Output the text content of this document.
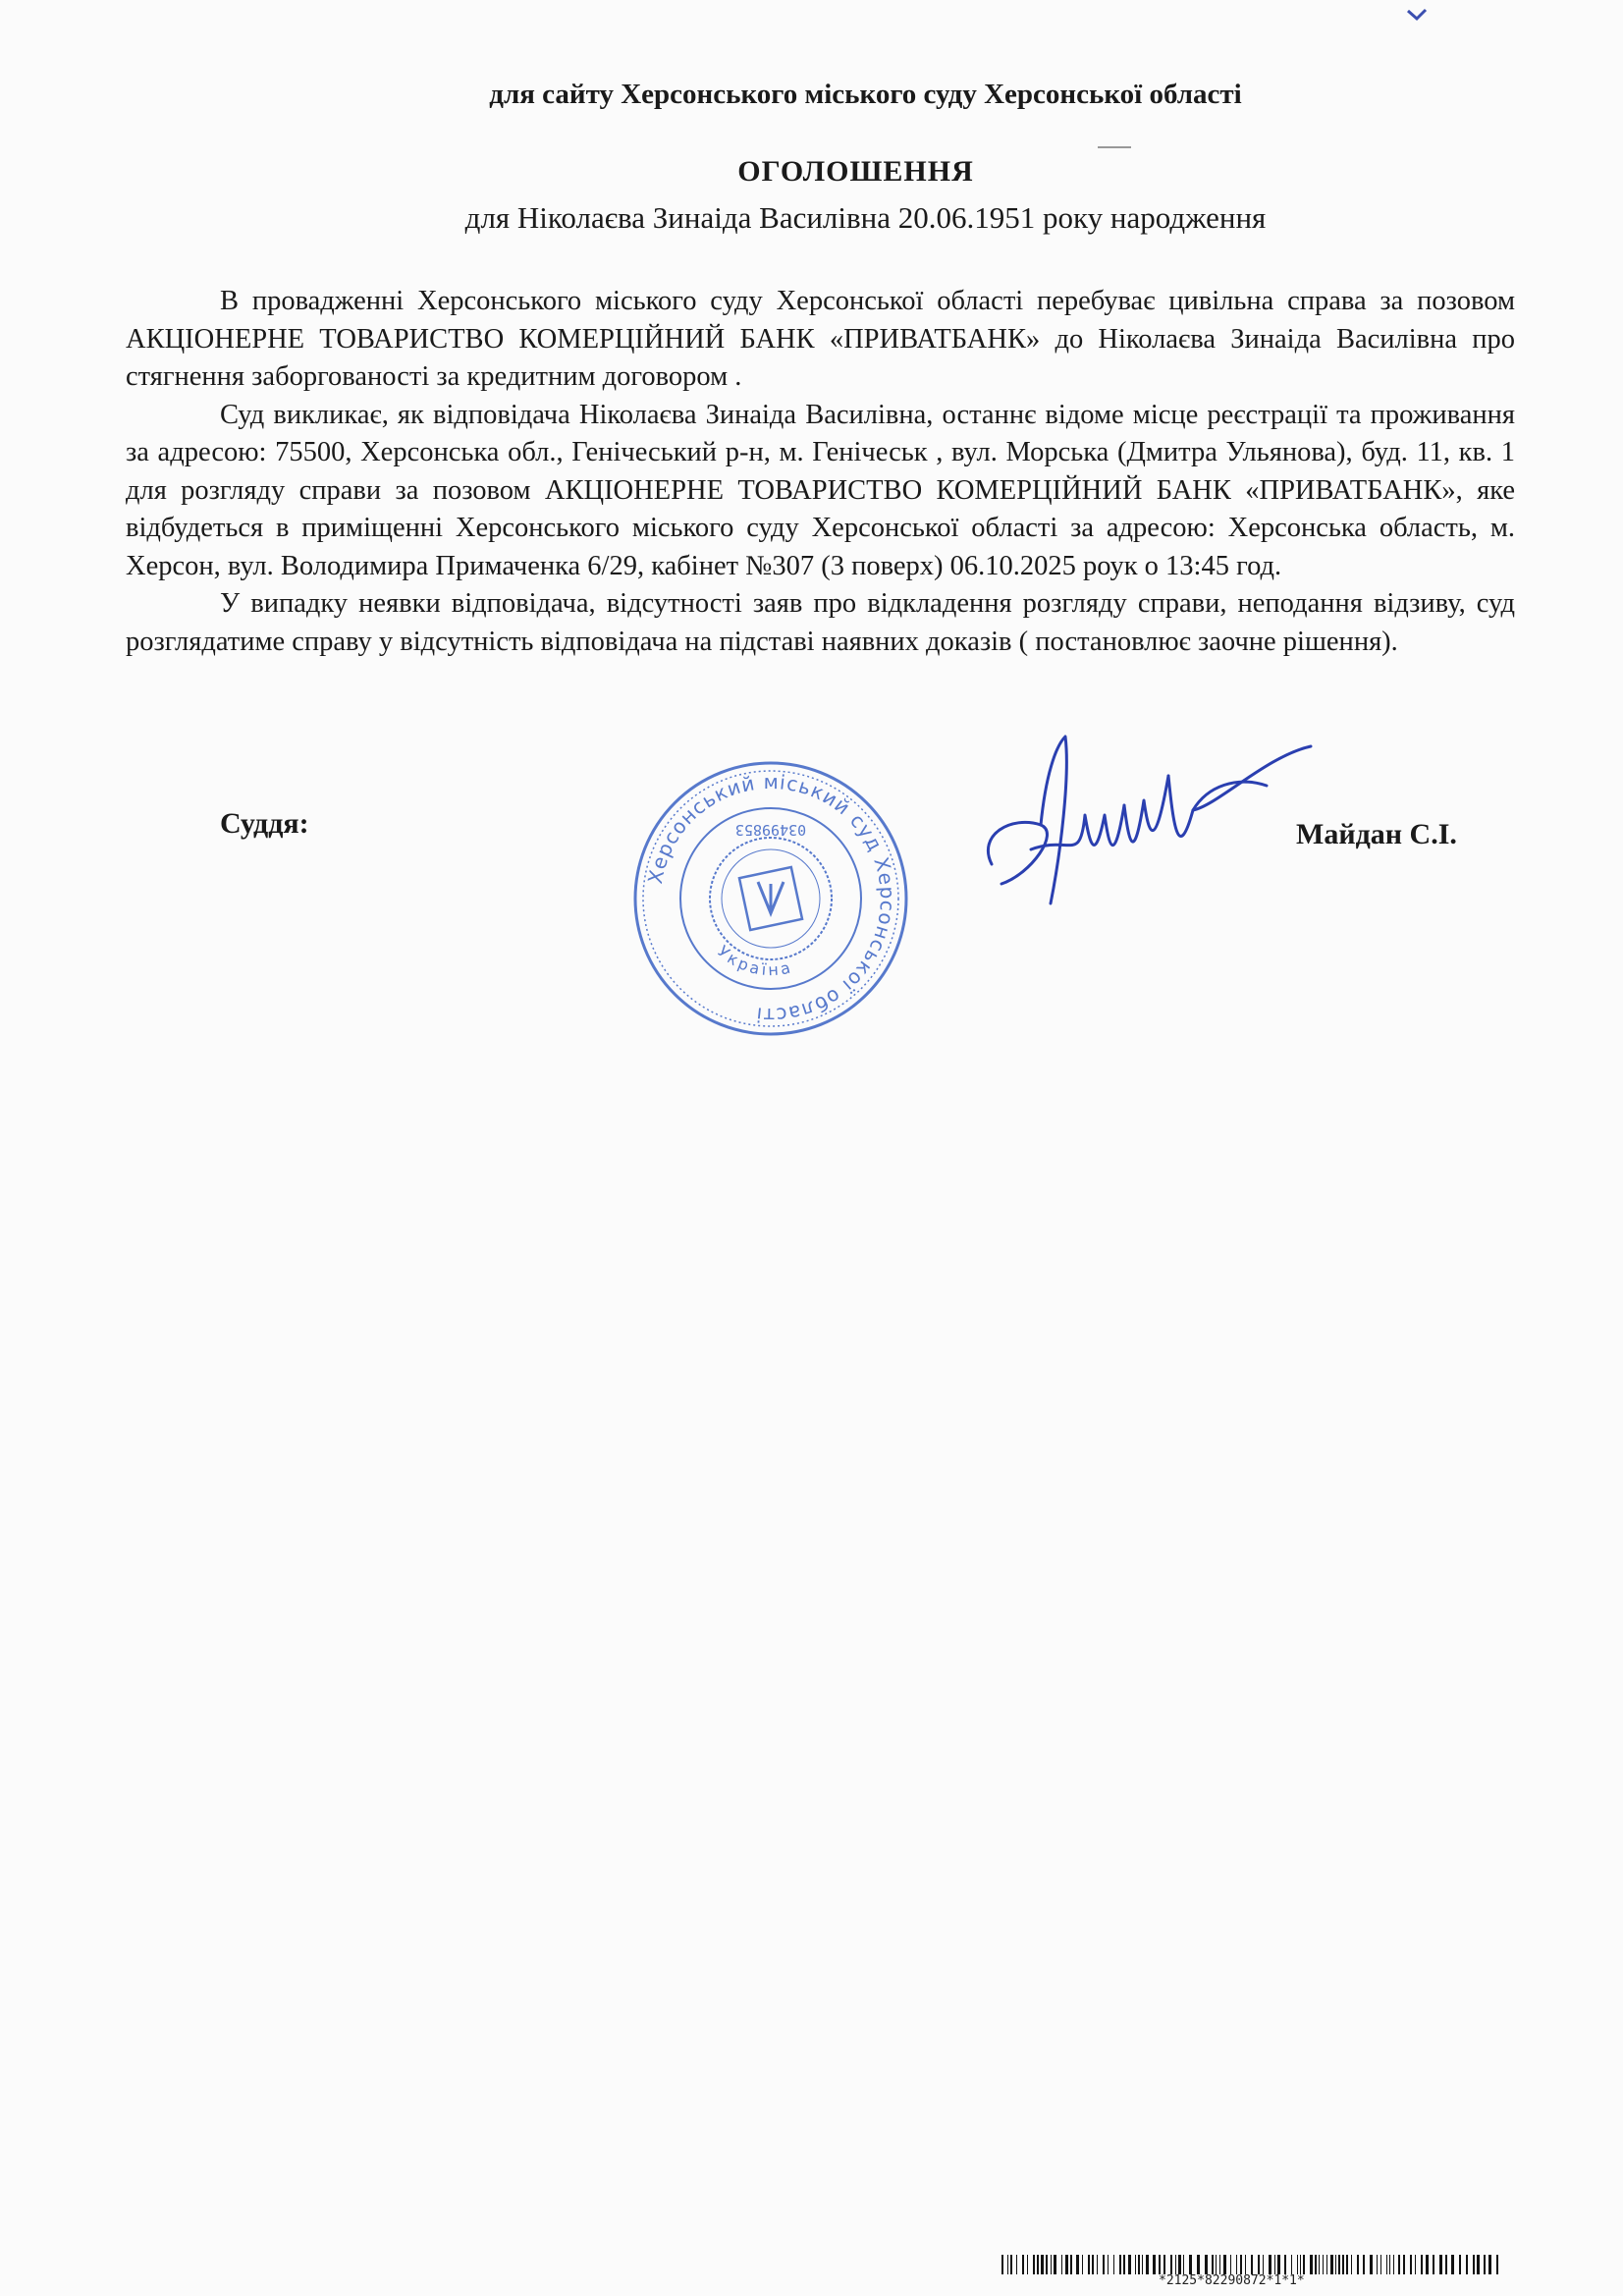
для сайту Херсонського міського суду Херсонської області
ОГОЛОШЕННЯ
для Ніколаєва Зинаіда Василівна 20.06.1951 року народження

В провадженні Херсонського міського суду Херсонської області перебуває цивільна справа за позовом АКЦІОНЕРНЕ ТОВАРИСТВО КОМЕРЦІЙНИЙ БАНК «ПРИВАТБАНК» до Ніколаєва Зинаіда Василівна про стягнення заборгованості за кредитним договором .

Суд викликає, як відповідача Ніколаєва Зинаіда Василівна, останнє відоме місце реєстрації та проживання за адресою: 75500, Херсонська обл., Генічеський р-н, м. Генічеськ , вул. Морська (Дмитра Ульянова), буд. 11, кв. 1 для розгляду справи за позовом АКЦІОНЕРНЕ ТОВАРИСТВО КОМЕРЦІЙНИЙ БАНК «ПРИВАТБАНК», яке відбудеться в приміщенні Херсонського міського суду Херсонської області за адресою: Херсонська область, м. Херсон, вул. Володимира Примаченка 6/29, кабінет №307 (3 поверх) 06.10.2025 роук о 13:45 год.

У випадку неявки відповідача, відсутності заяв про відкладення розгляду справи, неподання відзиву, суд розглядатиме справу у відсутність відповідача на підставі наявних доказів ( постановлює заочне рішення).

Суддя:
Херсонський міський суд Херсонської області
Україна
03499853	Майдан С.І.
*2125*82290872*1*1*
